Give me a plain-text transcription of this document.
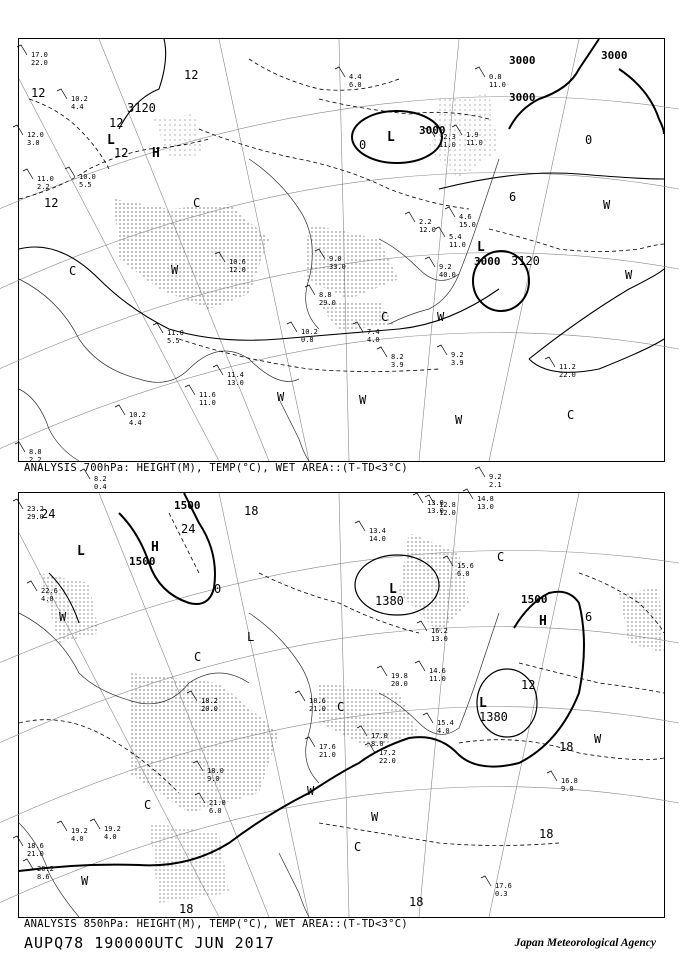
3120
3000
3000	3000
3000 3120
3000
12
12
12
12
12
0	0
6
H
L	L
L
C
C
C
C
W
W	W
W
W
W
W
17.0
22.0
12.0
3.0
11.0
2.2
10.2
4.4
10.0
5.5
8.8
2.2
10.2
4.4
8.2
0.4
11.0
5.5
11.4
13.0
11.6
11.0
10.2
0.8
10.6
12.0
9.0
33.0	9.2
40.0
7.4
4.0
8.2
3.9
9.2
3.9	11.2
22.0
9.2
2.1
8.8
29.0
5.4
11.0
4.6
15.0
0.8
11.0
1.9
11.0
-2.3
11.0
4.4
6.0
2.2
12.0
ANALYSIS 700hPa: HEIGHT(M), TEMP(°C), WET AREA::(T-TD<3°C)
1500
1500
1500
1380
1380
24
24
18
18
18
18
12
6
0
18
H
H
L
L
L
L
C
C
C
C
C
W
W
W
W
W
23.2
29.0
22.6
4.0
18.6
21.0
19.2
4.0
20.2
8.6
19.2
4.0
21.0
6.0
18.0
9.0
17.2
22.0
17.6
0.3
16.8
9.0
14.8
13.0
13.8
13.0
12.8
12.0
13.4
14.0
15.6
6.0
18.2
20.0
17.6
21.0
18.6
21.0
15.4
4.0
17.0
8.0
19.8
20.0
16.2
13.0
14.6
11.0
ANALYSIS 850hPa: HEIGHT(M), TEMP(°C), WET AREA::(T-TD<3°C)
AUPQ78 190000UTC JUN 2017	Japan Meteorological Agency
